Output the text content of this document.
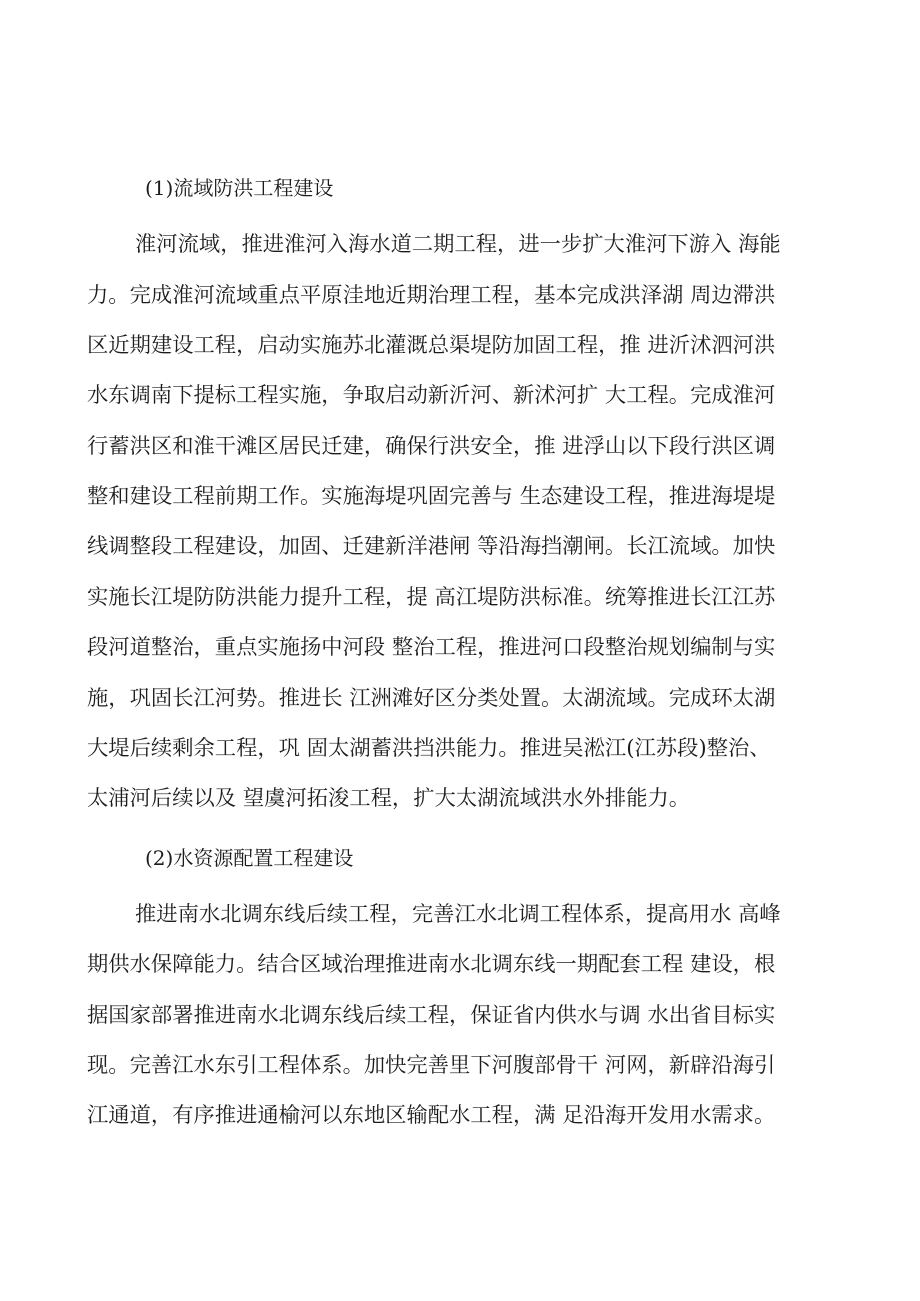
(1)流域防洪工程建设

淮河流域，推进淮河入海水道二期工程，进一步扩大淮河下游入 海能

力。完成淮河流域重点平原洼地近期治理工程，基本完成洪泽湖 周边滞洪

区近期建设工程，启动实施苏北灌溉总渠堤防加固工程，推 进沂沭泗河洪

水东调南下提标工程实施，争取启动新沂河、新沭河扩 大工程。完成淮河

行蓄洪区和淮干滩区居民迁建，确保行洪安全，推 进浮山以下段行洪区调

整和建设工程前期工作。实施海堤巩固完善与 生态建设工程，推进海堤堤

线调整段工程建设，加固、迁建新洋港闸 等沿海挡潮闸。长江流域。加快

实施长江堤防防洪能力提升工程，提 高江堤防洪标准。统筹推进长江江苏

段河道整治，重点实施扬中河段 整治工程，推进河口段整治规划编制与实

施，巩固长江河势。推进长 江洲滩好区分类处置。太湖流域。完成环太湖

大堤后续剩余工程，巩 固太湖蓄洪挡洪能力。推进吴淞江(江苏段)整治、

太浦河后续以及 望虞河拓浚工程，扩大太湖流域洪水外排能力。

(2)水资源配置工程建设

推进南水北调东线后续工程，完善江水北调工程体系，提高用水 高峰

期供水保障能力。结合区域治理推进南水北调东线一期配套工程 建设，根

据国家部署推进南水北调东线后续工程，保证省内供水与调 水出省目标实

现。完善江水东引工程体系。加快完善里下河腹部骨干 河网，新辟沿海引

江通道，有序推进通榆河以东地区输配水工程，满 足沿海开发用水需求。
